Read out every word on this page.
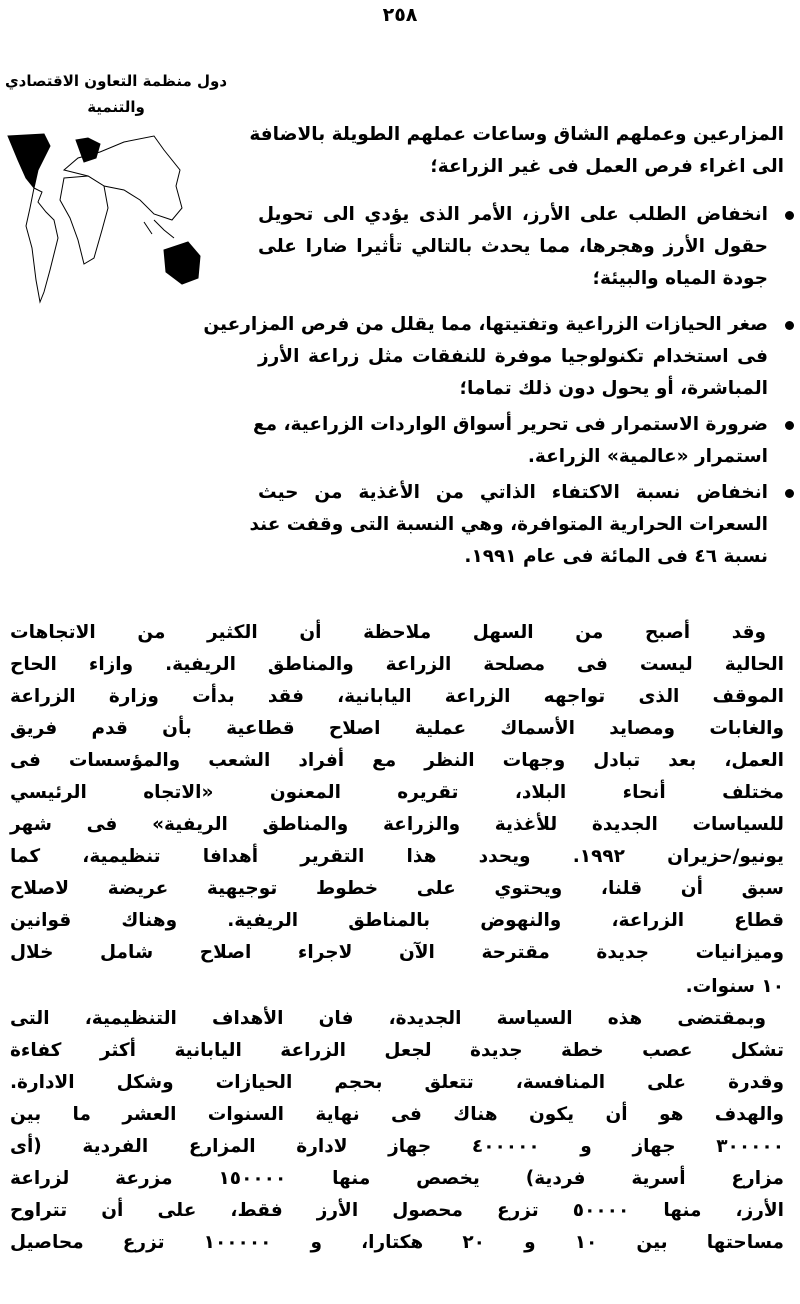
٢٥٨
دول منظمة التعاون الاقتصادي
والتنمية
المزارعين وعملهم الشاق وساعات عملهم الطويلة بالاضافة
الى اغراء فرص العمل فى غير الزراعة؛
انخفاض الطلب على الأرز، الأمر الذى يؤدي الى تحويل
حقول الأرز وهجرها، مما يحدث بالتالي تأثيرا ضارا على
جودة المياه والبيئة؛
صغر الحيازات الزراعية وتفتيتها، مما يقلل من فرص المزارعين
فى استخدام تكنولوجيا موفرة للنفقات مثل زراعة الأرز
المباشرة، أو يحول دون ذلك تماما؛
ضرورة الاستمرار فى تحرير أسواق الواردات الزراعية، مع
استمرار «عالمية» الزراعة.
انخفاض نسبة الاكتفاء الذاتي من الأغذية من حيث
السعرات الحرارية المتوافرة، وهي النسبة التى وقفت عند
نسبة ٤٦ فى المائة فى عام ١٩٩١.
وقد أصبح من السهل ملاحظة أن الكثير من الاتجاهات
الحالية ليست فى مصلحة الزراعة والمناطق الريفية. وازاء الحاح
الموقف الذى تواجهه الزراعة اليابانية، فقد بدأت وزارة الزراعة
والغابات ومصايد الأسماك عملية اصلاح قطاعية بأن قدم فريق
العمل، بعد تبادل وجهات النظر مع أفراد الشعب والمؤسسات فى
مختلف أنحاء البلاد، تقريره المعنون «الاتجاه الرئيسي
للسياسات الجديدة للأغذية والزراعة والمناطق الريفية» فى شهر
يونيو/حزيران ١٩٩٢. ويحدد هذا التقرير أهدافا تنظيمية، كما
سبق أن قلنا، ويحتوي على خطوط توجيهية عريضة لاصلاح
قطاع الزراعة، والنهوض بالمناطق الريفية. وهناك قوانين
وميزانيات جديدة مقترحة الآن لاجراء اصلاح شامل خلال
١٠ سنوات.
وبمقتضى هذه السياسة الجديدة، فان الأهداف التنظيمية، التى
تشكل عصب خطة جديدة لجعل الزراعة اليابانية أكثر كفاءة
وقدرة على المنافسة، تتعلق بحجم الحيازات وشكل الادارة.
والهدف هو أن يكون هناك فى نهاية السنوات العشر ما بين
٣٠٠٠٠٠ جهاز و ٤٠٠٠٠٠ جهاز لادارة المزارع الفردية (أى
مزارع أسرية فردية) يخصص منها ١٥٠٠٠٠ مزرعة لزراعة
الأرز، منها ٥٠٠٠٠ تزرع محصول الأرز فقط، على أن تتراوح
مساحتها بين ١٠ و ٢٠ هكتارا، و ١٠٠٠٠٠ تزرع محاصيل
